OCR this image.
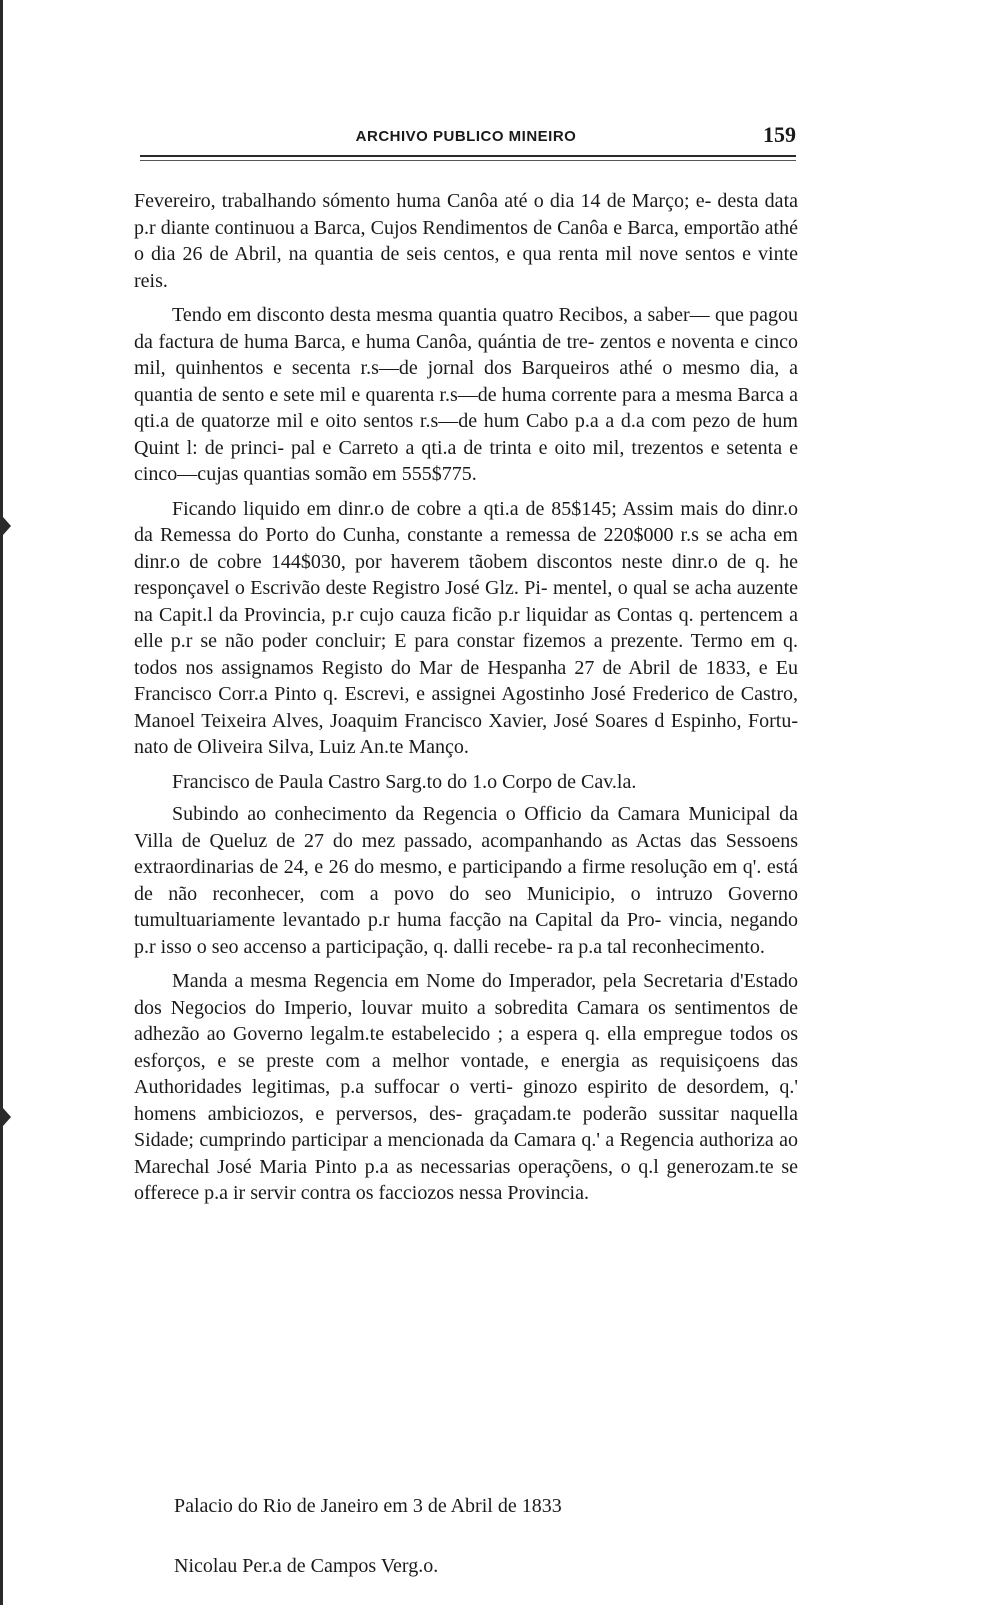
ARCHIVO PUBLICO MINEIRO	159

Fevereiro, trabalhando sómento huma Canôa até o dia 14 de Março; e- desta data p.r diante continuou a Barca, Cujos Rendimentos de Canôa e Barca, emportão athé o dia 26 de Abril, na quantia de seis centos, e qua renta mil nove sentos e vinte reis.

Tendo em disconto desta mesma quantia quatro Recibos, a saber— que pagou da factura de huma Barca, e huma Canôa, quántia de tre- zentos e noventa e cinco mil, quinhentos e secenta r.s—de jornal dos Barqueiros athé o mesmo dia, a quantia de sento e sete mil e quarenta r.s—de huma corrente para a mesma Barca a qti.a de quatorze mil e oito sentos r.s—de hum Cabo p.a a d.a com pezo de hum Quint l: de princi- pal e Carreto a qti.a de trinta e oito mil, trezentos e setenta e cinco—cujas quantias somão em 555$775.

Ficando liquido em dinr.o de cobre a qti.a de 85$145; Assim mais do dinr.o da Remessa do Porto do Cunha, constante a remessa de 220$000 r.s se acha em dinr.o de cobre 144$030, por haverem tãobem discontos neste dinr.o de q. he responçavel o Escrivão deste Registro José Glz. Pi- mentel, o qual se acha auzente na Capit.l da Provincia, p.r cujo cauza ficão p.r liquidar as Contas q. pertencem a elle p.r se não poder concluir; E para constar fizemos a prezente. Termo em q. todos nos assignamos Registo do Mar de Hespanha 27 de Abril de 1833, e Eu Francisco Corr.a Pinto q. Escrevi, e assignei Agostinho José Frederico de Castro, Manoel Teixeira Alves, Joaquim Francisco Xavier, José Soares d Espinho, Fortu- nato de Oliveira Silva, Luiz An.te Manço.

Francisco de Paula Castro Sarg.to do 1.o Corpo de Cav.la.

Subindo ao conhecimento da Regencia o Officio da Camara Municipal da Villa de Queluz de 27 do mez passado, acompanhando as Actas das Sessoens extraordinarias de 24, e 26 do mesmo, e participando a firme resolução em q'. está de não reconhecer, com a povo do seo Municipio, o intruzo Governo tumultuariamente levantado p.r huma facção na Capital da Pro- vincia, negando p.r isso o seo accenso a participação, q. dalli recebe- ra p.a tal reconhecimento.

Manda a mesma Regencia em Nome do Imperador, pela Secretaria d'Estado dos Negocios do Imperio, louvar muito a sobredita Camara os sentimentos de adhezão ao Governo legalm.te estabelecido ; a espera q. ella empregue todos os esforços, e se preste com a melhor vontade, e energia as requisiçoens das Authoridades legitimas, p.a suffocar o verti- ginozo espirito de desordem, q.' homens ambiciozos, e perversos, des- graçadam.te poderão sussitar naquella Sidade; cumprindo participar a mencionada da Camara q.' a Regencia authoriza ao Marechal José Maria Pinto p.a as necessarias operaçõens, o q.l generozam.te se offerece p.a ir servir contra os facciozos nessa Provincia.

Palacio do Rio de Janeiro em 3 de Abril de 1833
Nicolau Per.a de Campos Verg.o.
